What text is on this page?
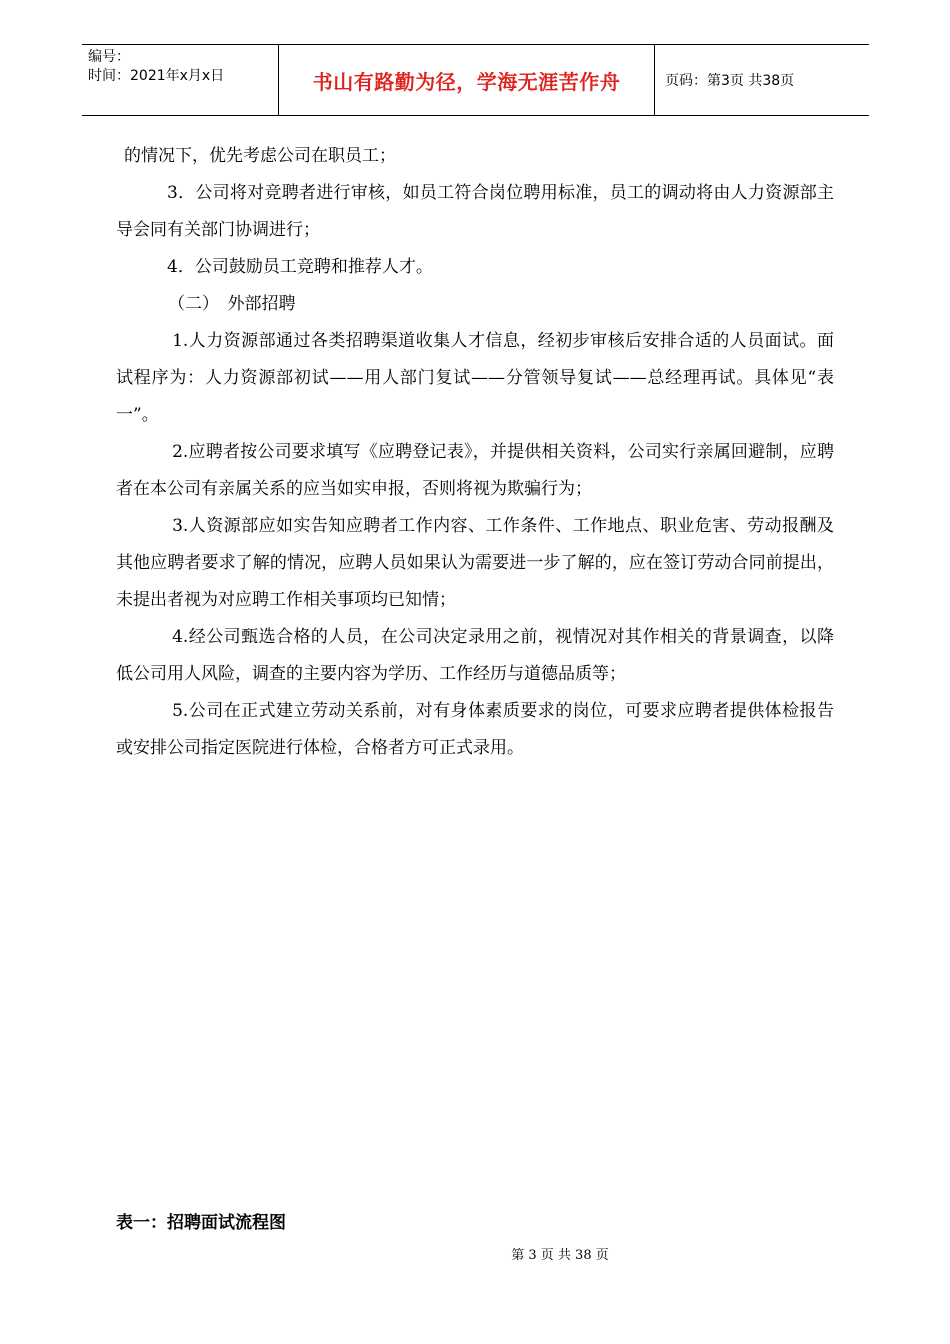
编号：
时间：2021年x月x日	书山有路勤为径，学海无涯苦作舟	页码：第3页 共38页

的情况下，优先考虑公司在职员工；

3．公司将对竞聘者进行审核，如员工符合岗位聘用标准，员工的调动将由人力资源部主导会同有关部门协调进行；

4．公司鼓励员工竞聘和推荐人才。

（二）　外部招聘

1.人力资源部通过各类招聘渠道收集人才信息，经初步审核后安排合适的人员面试。面试程序为：人力资源部初试——用人部门复试——分管领导复试——总经理再试。具体见“表一”。

2.应聘者按公司要求填写《应聘登记表》，并提供相关资料，公司实行亲属回避制，应聘者在本公司有亲属关系的应当如实申报，否则将视为欺骗行为；

3.人资源部应如实告知应聘者工作内容、工作条件、工作地点、职业危害、劳动报酬及其他应聘者要求了解的情况，应聘人员如果认为需要进一步了解的，应在签订劳动合同前提出，未提出者视为对应聘工作相关事项均已知情；

4.经公司甄选合格的人员，在公司决定录用之前，视情况对其作相关的背景调查，以降低公司用人风险，调查的主要内容为学历、工作经历与道德品质等；

5.公司在正式建立劳动关系前，对有身体素质要求的岗位，可要求应聘者提供体检报告或安排公司指定医院进行体检，合格者方可正式录用。

表一：招聘面试流程图
第 3 页 共 38 页
